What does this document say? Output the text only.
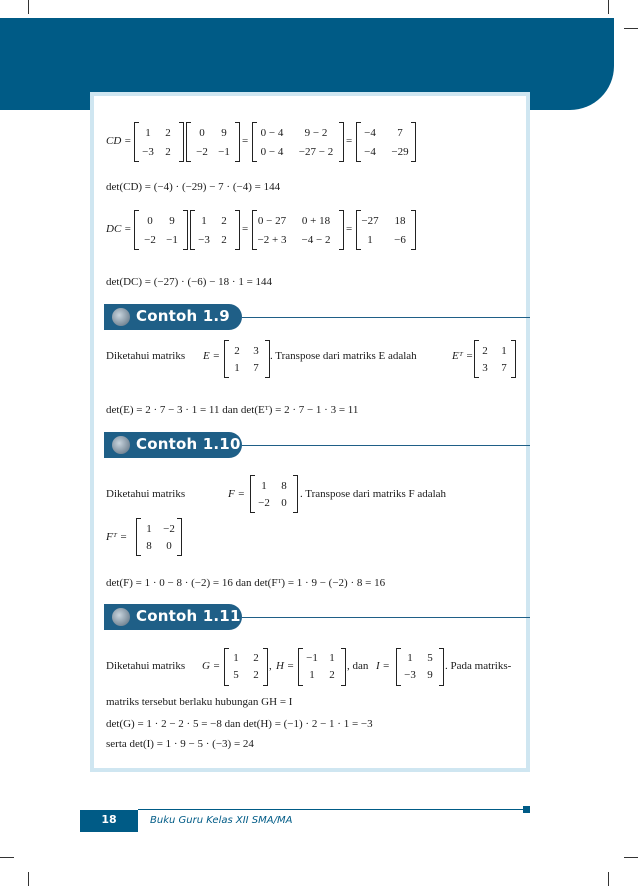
CD =
1	2
−3	2
0	9
−2 −1
=
0 − 4	9 − 2
0 − 4	−27 − 2
=
−4	7
−4	−29
det(CD) = (−4) · (−29) − 7 · (−4) = 144
DC =
0	9
−2 −1
1	2
−3	2
=
0 − 27	0 + 18
−2 + 3	−4 − 2
=
−27	18
1	−6
det(DC) = (−27) · (−6) − 18 · 1 = 144
Contoh 1.9
Diketahui matriks E =	2	3
1	7
. Transpose dari matriks E adalah	Eᵀ = 2	1
3	7
det(E) = 2 · 7 − 3 · 1 = 11 dan det(Eᵀ) = 2 · 7 − 1 · 3 = 11
Contoh 1.10
Diketahui matriks	F =
1	8
−2	0
. Transpose dari matriks F adalah
Fᵀ =
1	−2
8	0
det(F) = 1 · 0 − 8 · (−2) = 16 dan det(Fᵀ) = 1 · 9 − (−2) · 8 = 16
Contoh 1.11
Diketahui matriks G =
1	2
5	2
, H =
−1	1
1	2
, dan I =
1	5
−3	9
. Pada matriks-
matriks tersebut berlaku hubungan GH = I
det(G) = 1 · 2 − 2 · 5 = −8 dan det(H) = (−1) · 2 − 1 · 1 = −3
serta det(I) = 1 · 9 − 5 · (−3) = 24
18	Buku Guru Kelas XII SMA/MA
